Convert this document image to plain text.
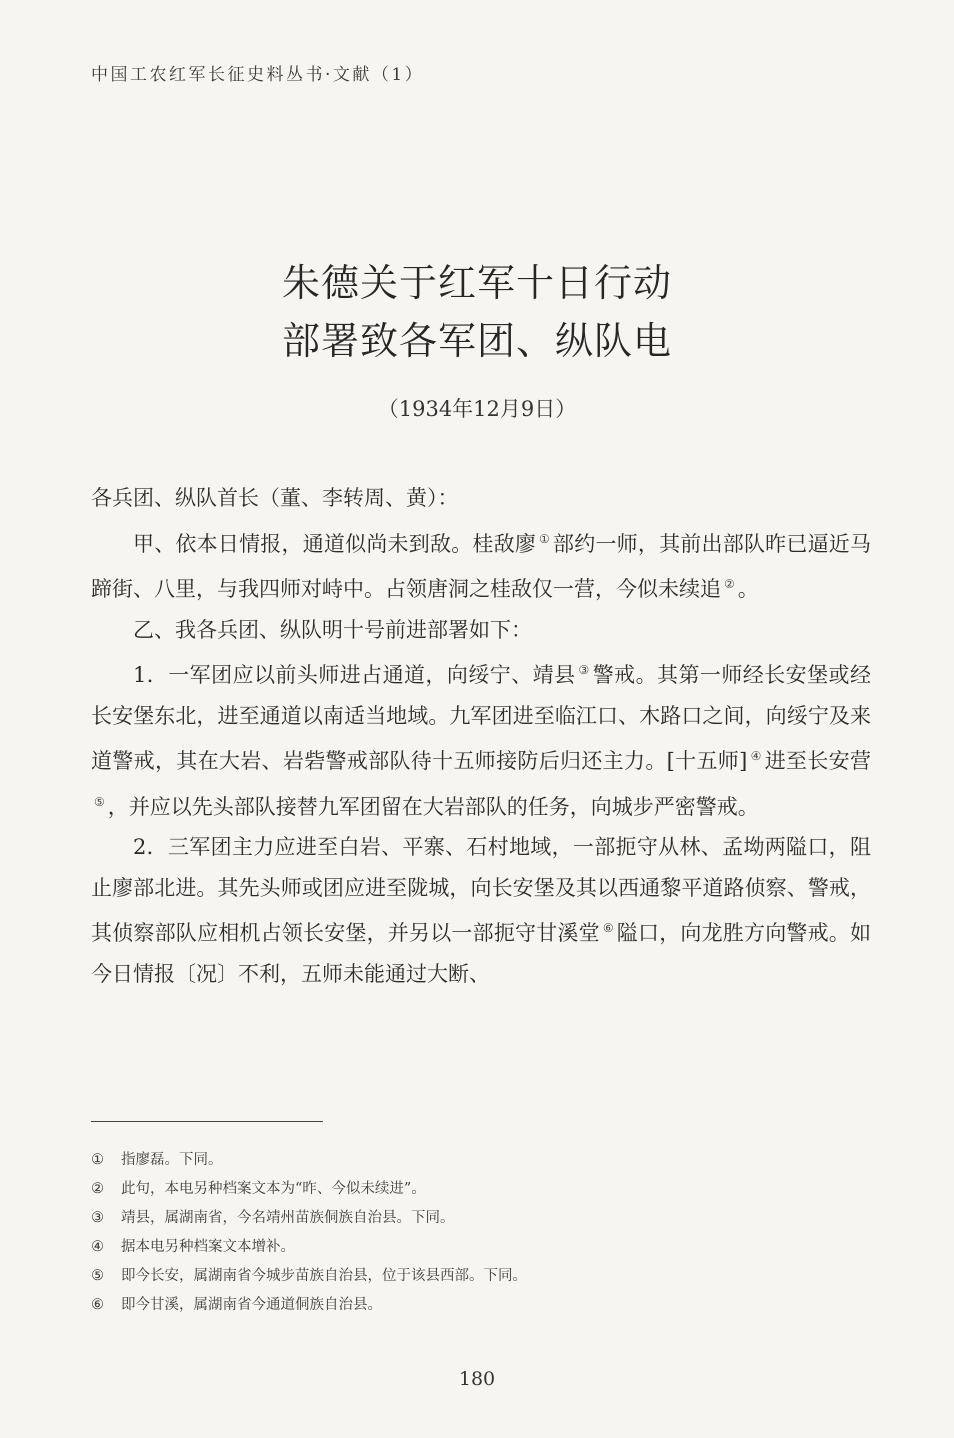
中国工农红军长征史料丛书·文献（1）
朱德关于红军十日行动
部署致各军团、纵队电
（1934年12月9日）

各兵团、纵队首长（董、李转周、黄）：

甲、依本日情报，通道似尚未到敌。桂敌廖 ① 部约一师，其前出部队昨已逼近马蹄街、八里，与我四师对峙中。占领唐洞之桂敌仅一营，今似未续追 ② 。

乙、我各兵团、纵队明十号前进部署如下：

1．一军团应以前头师进占通道，向绥宁、靖县 ③ 警戒。其第一师经长安堡或经长安堡东北，进至通道以南适当地域。九军团进至临江口、木路口之间，向绥宁及来道警戒，其在大岩、岩砦警戒部队待十五师接防后归还主力。[十五师] ④ 进至长安营⑤ ，并应以先头部队接替九军团留在大岩部队的任务，向城步严密警戒。

2．三军团主力应进至白岩、平寨、石村地域，一部扼守从林、孟坳两隘口，阻止廖部北进。其先头师或团应进至陇城，向长安堡及其以西通黎平道路侦察、警戒，其侦察部队应相机占领长安堡，并另以一部扼守甘溪堂 ⑥ 隘口，向龙胜方向警戒。如今日情报〔况〕不利，五师未能通过大断、

① 指廖磊。下同。
② 此句，本电另种档案文本为“昨、今似未续进”。
③ 靖县，属湖南省，今名靖州苗族侗族自治县。下同。
④ 据本电另种档案文本增补。
⑤ 即今长安，属湖南省今城步苗族自治县，位于该县西部。下同。
⑥ 即今甘溪，属湖南省今通道侗族自治县。
180
